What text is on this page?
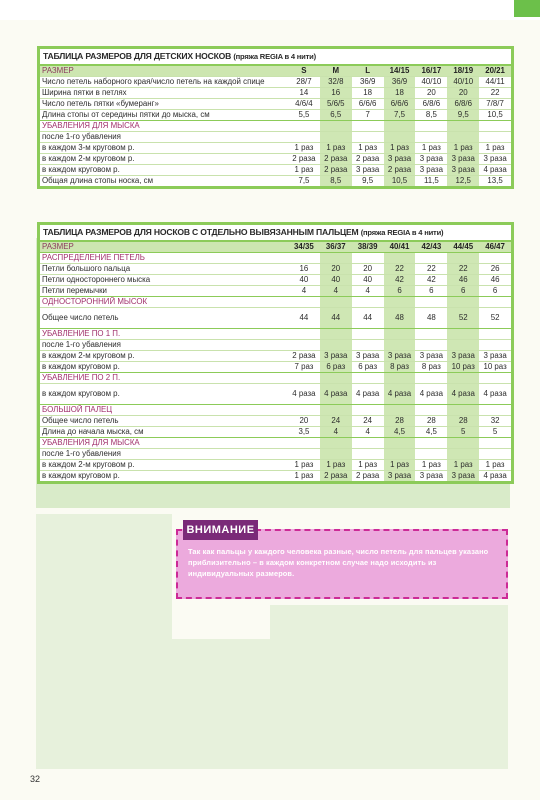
ТАБЛИЦА РАЗМЕРОВ ДЛЯ ДЕТСКИХ НОСКОВ (пряжа REGIA в 4 нити)
РАЗМЕР	S	M	L	14/15	16/17	18/19	20/21
Число петель наборного края/число петель на каждой спице	28/7	32/8	36/9	36/9	40/10	40/10	44/11
Ширина пятки в петлях	14	16	18	18	20	20	22
Число петель пятки «бумеранг»	4/6/4	5/6/5	6/6/6	6/6/6	6/8/6	6/8/6	7/8/7
Длина стопы от середины пятки до мыска, см	5,5	6,5	7	7,5	8,5	9,5	10,5
УБАВЛЕНИЯ ДЛЯ МЫСКА							
после 1-го убавления							
в каждом 3-м круговом р.	1 раз	1 раз	1 раз	1 раз	1 раз	1 раз	1 раз
в каждом 2-м круговом р.	2 раза	2 раза	2 раза	3 раза	3 раза	3 раза	3 раза
в каждом круговом р.	1 раз	2 раза	3 раза	2 раза	3 раза	3 раза	4 раза
Общая длина стопы носка, см	7,5	8,5	9,5	10,5	11,5	12,5	13,5
ТАБЛИЦА РАЗМЕРОВ ДЛЯ НОСКОВ С ОТДЕЛЬНО ВЫВЯЗАННЫМ ПАЛЬЦЕМ (пряжа REGIA в 4 нити)
РАЗМЕР	34/35	36/37	38/39	40/41	42/43	44/45	46/47
РАСПРЕДЕЛЕНИЕ ПЕТЕЛЬ							
Петли большого пальца	16	20	20	22	22	22	26
Петли одностороннего мыска	40	40	40	42	42	46	46
Петли перемычки	4	4	4	6	6	6	6
ОДНОСТОРОННИЙ МЫСОК							
Общее число петель	44	44	44	48	48	52	52
УБАВЛЕНИЕ ПО 1 П.							
после 1-го убавления							
в каждом 2-м круговом р.	2 раза	3 раза	3 раза	3 раза	3 раза	3 раза	3 раза
в каждом круговом р.	7 раз	6 раз	6 раз	8 раз	8 раз	10 раз	10 раз
УБАВЛЕНИЕ ПО 2 П.							
в каждом круговом р.	4 раза	4 раза	4 раза	4 раза	4 раза	4 раза	4 раза
БОЛЬШОЙ ПАЛЕЦ							
Общее число петель	20	24	24	28	28	28	32
Длина до начала мыска, см	3,5	4	4	4,5	4,5	5	5
УБАВЛЕНИЯ ДЛЯ МЫСКА							
после 1-го убавления							
в каждом 2-м круговом р.	1 раз	1 раз	1 раз	1 раз	1 раз	1 раз	1 раз
в каждом круговом р.	1 раз	2 раза	2 раза	3 раза	3 раза	3 раза	4 раза
Так как пальцы у каждого человека разные, число петель для пальцев указано приблизительно – в каждом конкретном случае надо исходить из индивидуальных размеров.
ВНИМАНИЕ
32
